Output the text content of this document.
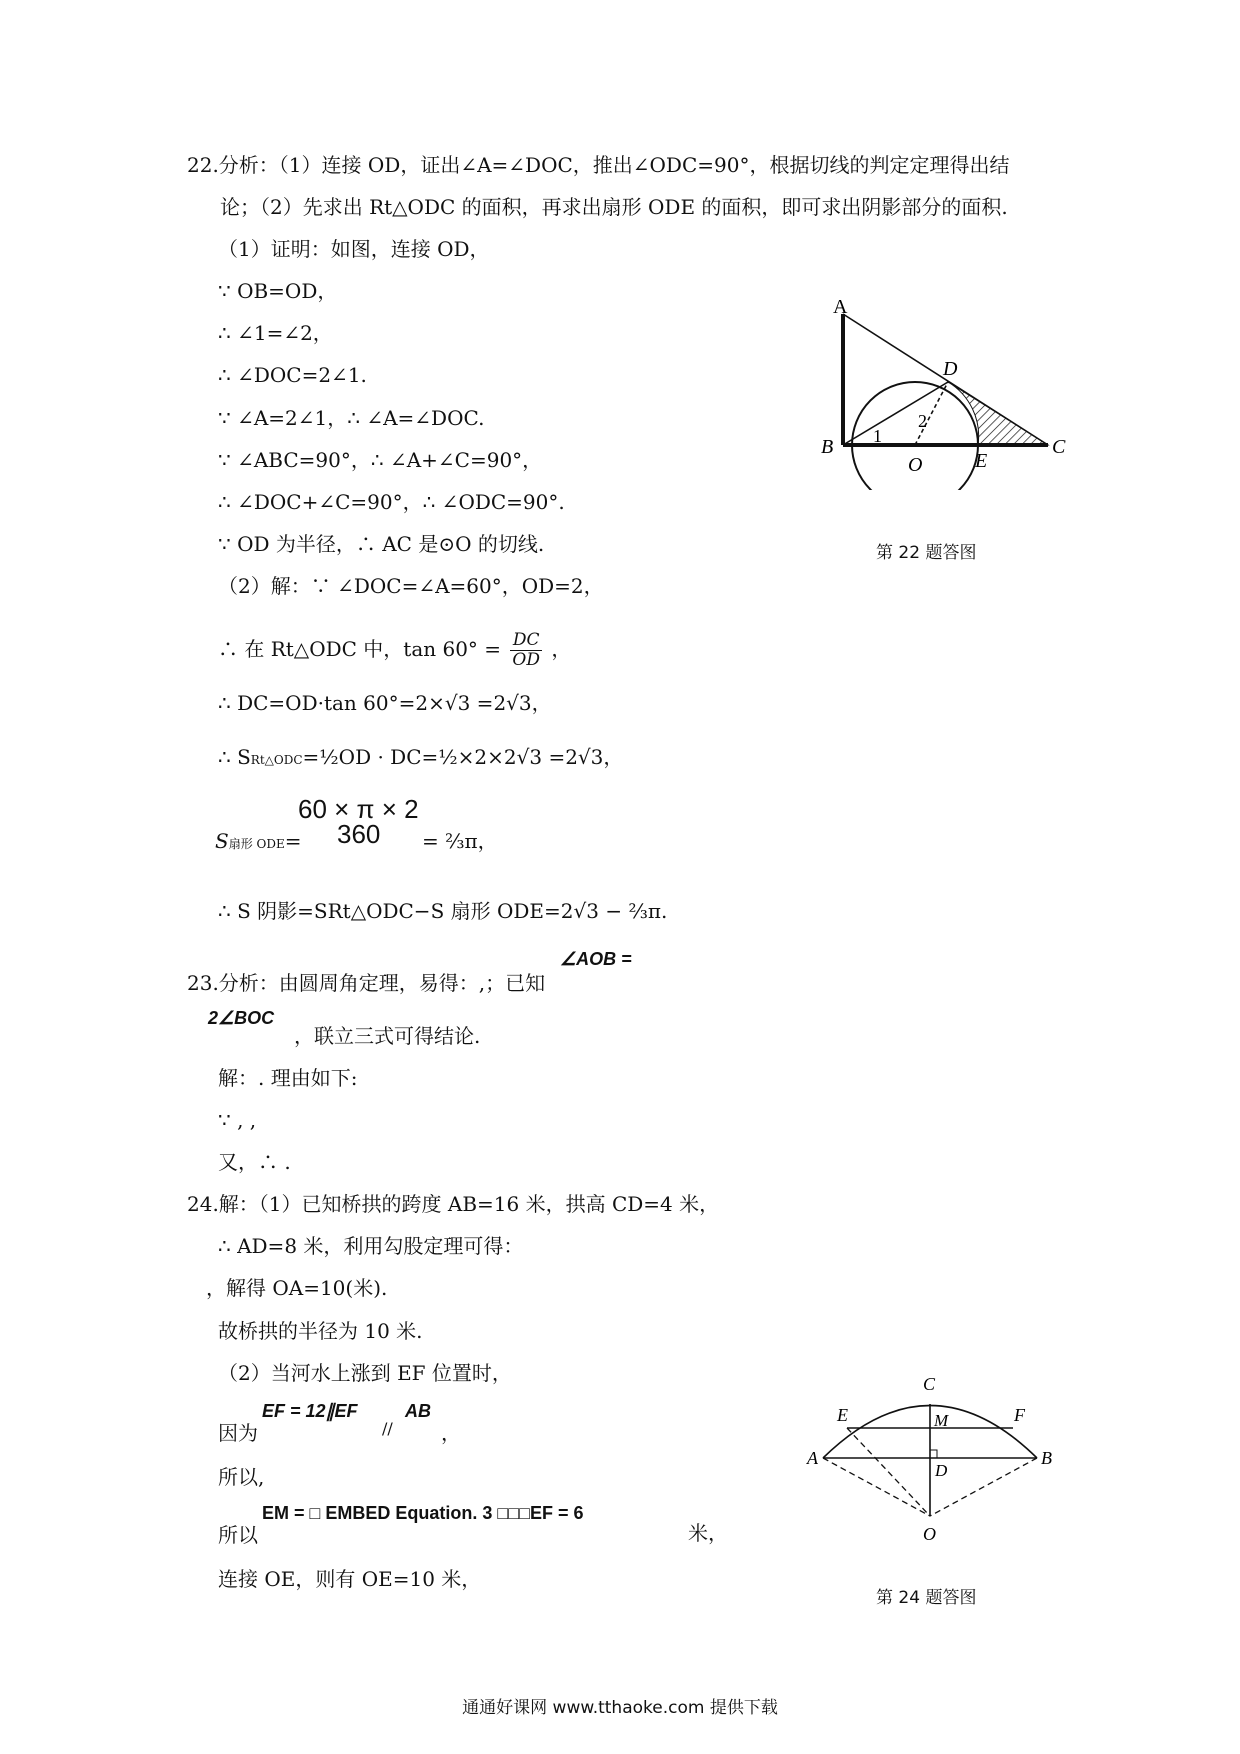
22.分析：（1）连接 OD，证出∠A=∠DOC，推出∠ODC=90°，根据切线的判定定理得出结
论；（2）先求出 Rt△ODC 的面积，再求出扇形 ODE 的面积，即可求出阴影部分的面积.
（1）证明：如图，连接 OD，
∵ OB=OD，
∴ ∠1=∠2，
∴ ∠DOC=2∠1.
∵ ∠A=2∠1，∴ ∠A=∠DOC.
∵ ∠ABC=90°，∴ ∠A+∠C=90°，
∴ ∠DOC+∠C=90°，∴ ∠ODC=90°.
∵ OD 为半径，∴ AC 是⊙O 的切线.
（2）解：∵ ∠DOC=∠A=60°，OD=2，
∴ 在 Rt△ODC 中，$\tan 60^\circ = \frac{DC}{OD}$ ，
∴ DC=OD·tan 60°=2×√3 =2√3，
∴ SRt△ODC=½OD · DC=½×2×2√3 =2√3，
60 × π × 2
360
S扇形 ODE=	= ⅔π，
∴ S 阴影=SRt△ODC−S 扇形 ODE=2√3 − ⅔π.
A
B	C
D
O	E
1
2
第 22 题答图
∠AOB =
23.分析：由圆周角定理，易得：,；已知
2∠BOC
，联立三式可得结论.
解：. 理由如下:
∵ , ,
又，∴ .
24.解：（1）已知桥拱的跨度 AB=16 米，拱高 CD=4 米，
∴ AD=8 米，利用勾股定理可得：
，解得 OA=10(米).
故桥拱的半径为 10 米.
（2）当河水上涨到 EF 位置时，
EF = 12∥EF	AB
//
因为	，
所以,
EM = □ EMBED Equation. 3 □□□EF = 6
所以	米，
连接 OE，则有 OE=10 米，
C
E	F
M
A
D
B
O
第 24 题答图
通通好课网 www.tthaoke.com 提供下载
